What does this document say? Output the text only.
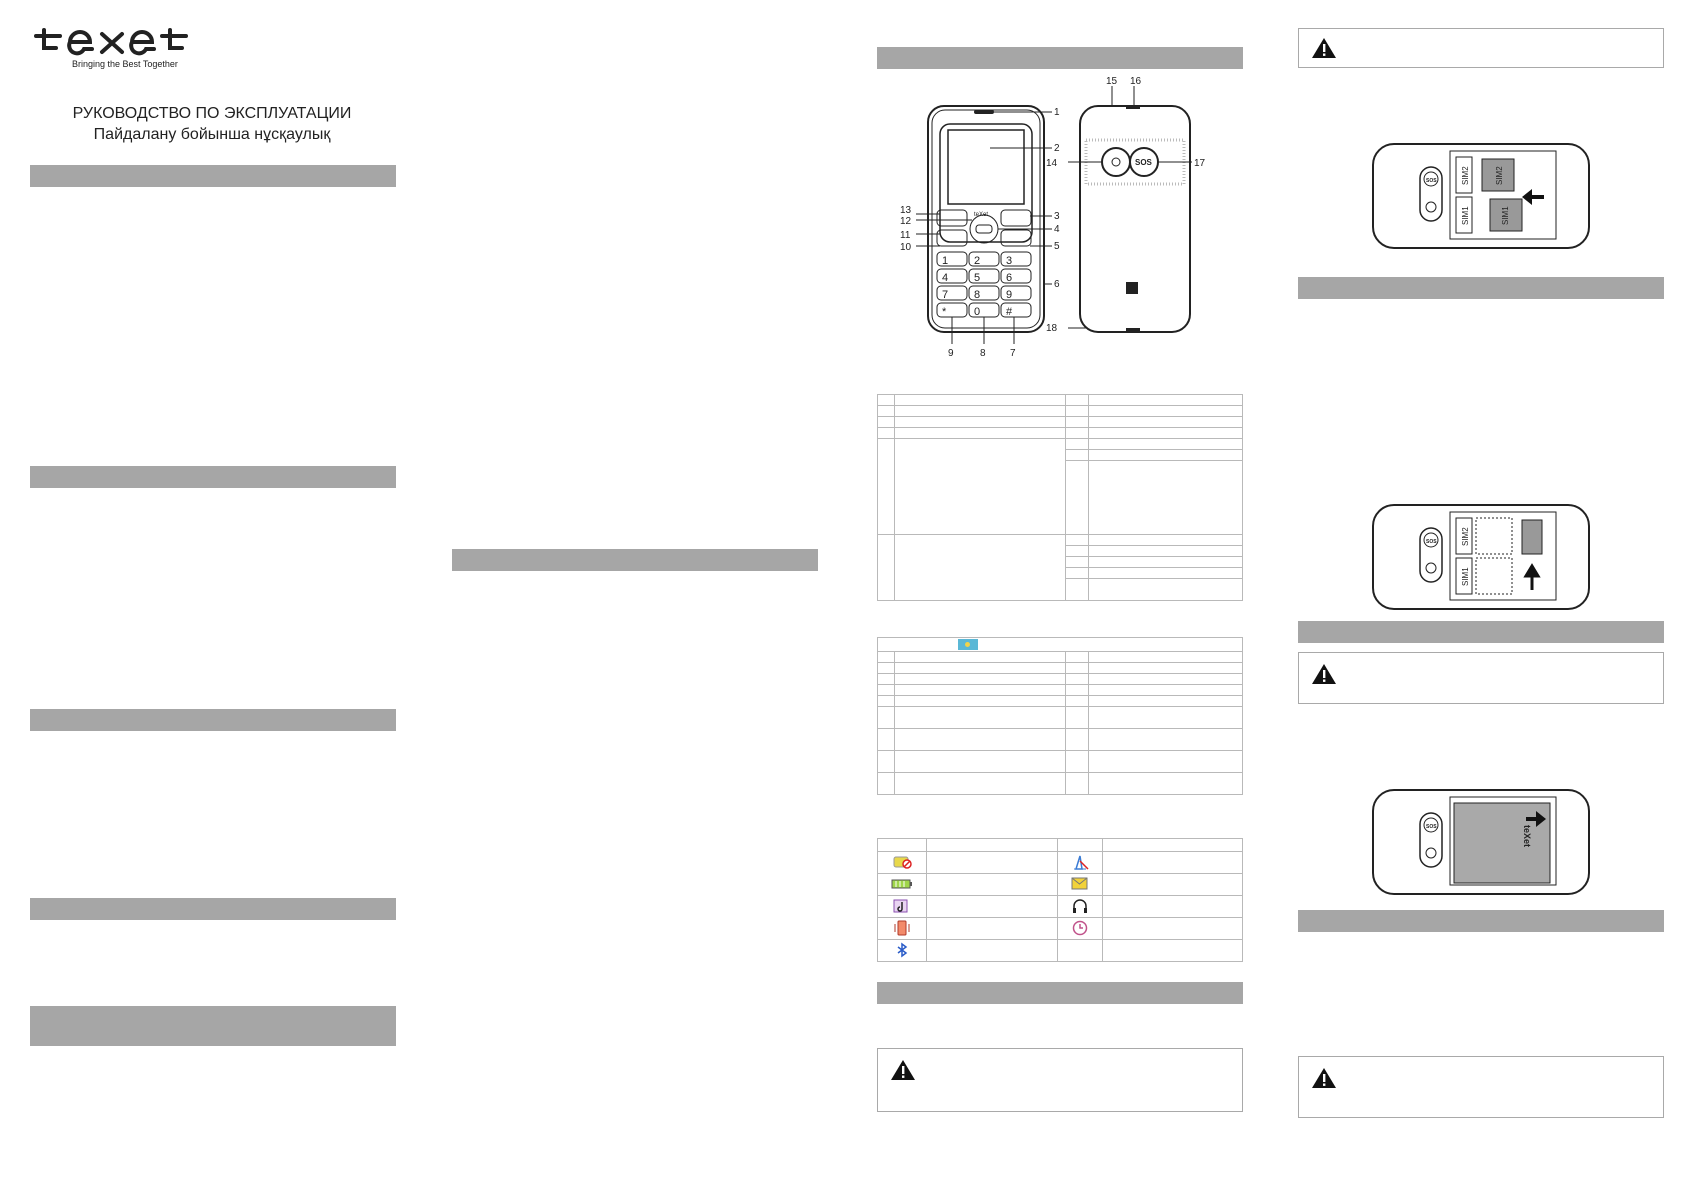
Bringing the Best Together
РУКОВОДСТВО ПО ЭКСПЛУАТАЦИИ
Пайдалану бойынша нұсқаулық
teXet
1 2 3
4 5 6
7 8 9
*	0 #
SOS
1
2
3
4
5
6
7
8
9
10
11
12
13
14
15 16
17
18

SOS	SIM2
SIM1
SIM2
SIM1
SOS	SIM2
SIM1
SOS	teXet
